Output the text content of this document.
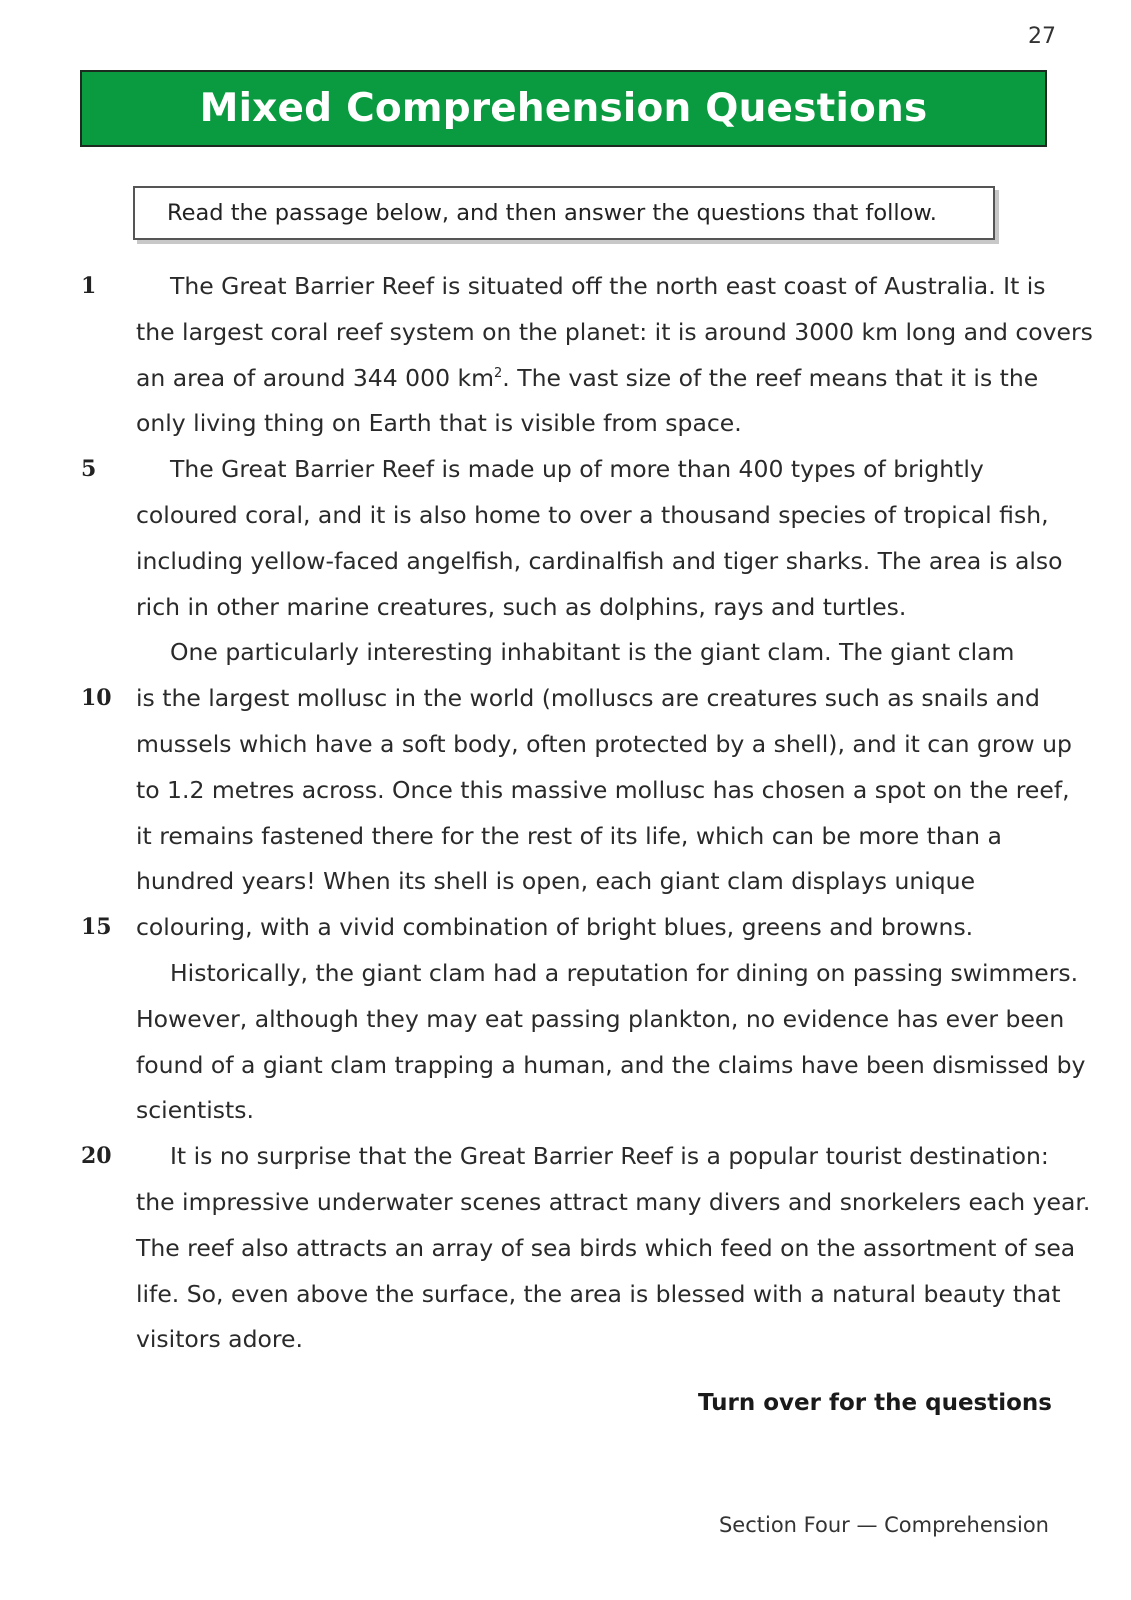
27
Mixed Comprehension Questions
Read the passage below, and then answer the questions that follow.
1	The Great Barrier Reef is situated off the north east coast of Australia. It is
the largest coral reef system on the planet: it is around 3000 km long and covers
an area of around 344 000 $km^2$. The vast size of the reef means that it is the
only living thing on Earth that is visible from space.
5	The Great Barrier Reef is made up of more than 400 types of brightly
coloured coral, and it is also home to over a thousand species of tropical fish,
including yellow-faced angelfish, cardinalfish and tiger sharks. The area is also
rich in other marine creatures, such as dolphins, rays and turtles.
One particularly interesting inhabitant is the giant clam. The giant clam
10 is the largest mollusc in the world (molluscs are creatures such as snails and
mussels which have a soft body, often protected by a shell), and it can grow up
to 1.2 metres across. Once this massive mollusc has chosen a spot on the reef,
it remains fastened there for the rest of its life, which can be more than a
hundred years! When its shell is open, each giant clam displays unique
15 colouring, with a vivid combination of bright blues, greens and browns.
Historically, the giant clam had a reputation for dining on passing swimmers.
However, although they may eat passing plankton, no evidence has ever been
found of a giant clam trapping a human, and the claims have been dismissed by
scientists.
20 It is no surprise that the Great Barrier Reef is a popular tourist destination:
the impressive underwater scenes attract many divers and snorkelers each year.
The reef also attracts an array of sea birds which feed on the assortment of sea
life. So, even above the surface, the area is blessed with a natural beauty that
visitors adore.
Turn over for the questions
Section Four — Comprehension
